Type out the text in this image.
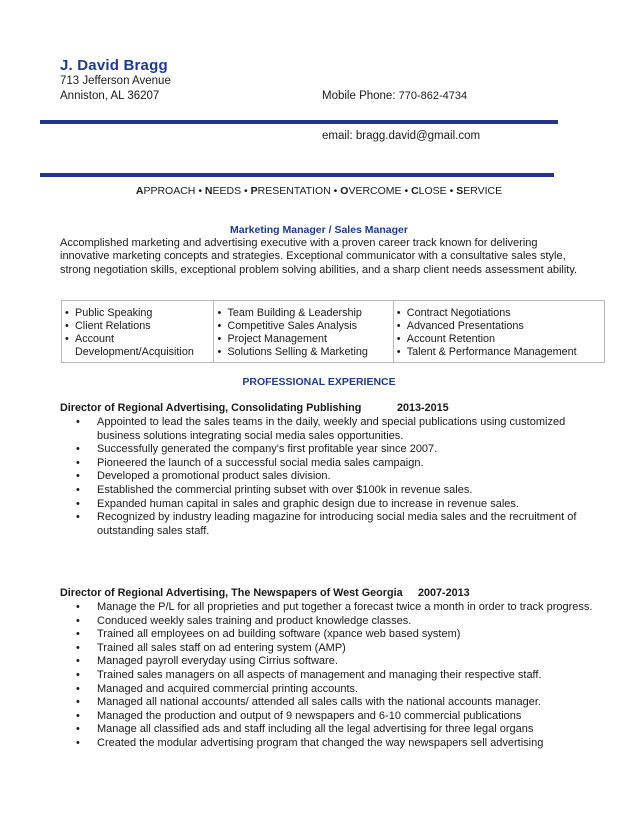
J. David Bragg
713 Jefferson Avenue
Anniston, AL 36207	Mobile Phone: 770-862-4734
email: bragg.david@gmail.com
APPROACH • NEEDS • PRESENTATION • OVERCOME • CLOSE • SERVICE
Marketing Manager / Sales Manager
Accomplished marketing and advertising executive with a proven career track known for delivering innovative marketing concepts and strategies. Exceptional communicator with a consultative sales style, strong negotiation skills, exceptional problem solving abilities, and a sharp client needs assessment ability.
• Public Speaking
• Client Relations
• Account Development/Acquisition
• Team Building & Leadership
• Competitive Sales Analysis
• Project Management
• Solutions Selling & Marketing
• Contract Negotiations
• Advanced Presentations
• Account Retention
• Talent & Performance Management
PROFESSIONAL EXPERIENCE
Director of Regional Advertising, Consolidating Publishing	2013-2015
• Appointed to lead the sales teams in the daily, weekly and special publications using customized business solutions integrating social media sales opportunities.
• Successfully generated the company's first profitable year since 2007.
• Pioneered the launch of a successful social media sales campaign.
• Developed a promotional product sales division.
• Established the commercial printing subset with over $100k in revenue sales.
• Expanded human capital in sales and graphic design due to increase in revenue sales.
• Recognized by industry leading magazine for introducing social media sales and the recruitment of outstanding sales staff.
Director of Regional Advertising, The Newspapers of West Georgia 2007-2013
• Manage the P/L for all proprieties and put together a forecast twice a month in order to track progress.
• Conduced weekly sales training and product knowledge classes.
• Trained all employees on ad building software (xpance web based system)
• Trained all sales staff on ad entering system (AMP)
• Managed payroll everyday using Cirrius software.
• Trained sales managers on all aspects of management and managing their respective staff.
• Managed and acquired commercial printing accounts.
• Managed all national accounts/ attended all sales calls with the national accounts manager.
• Managed the production and output of 9 newspapers and 6-10 commercial publications
• Manage all classified ads and staff including all the legal advertising for three legal organs
• Created the modular advertising program that changed the way newspapers sell advertising
